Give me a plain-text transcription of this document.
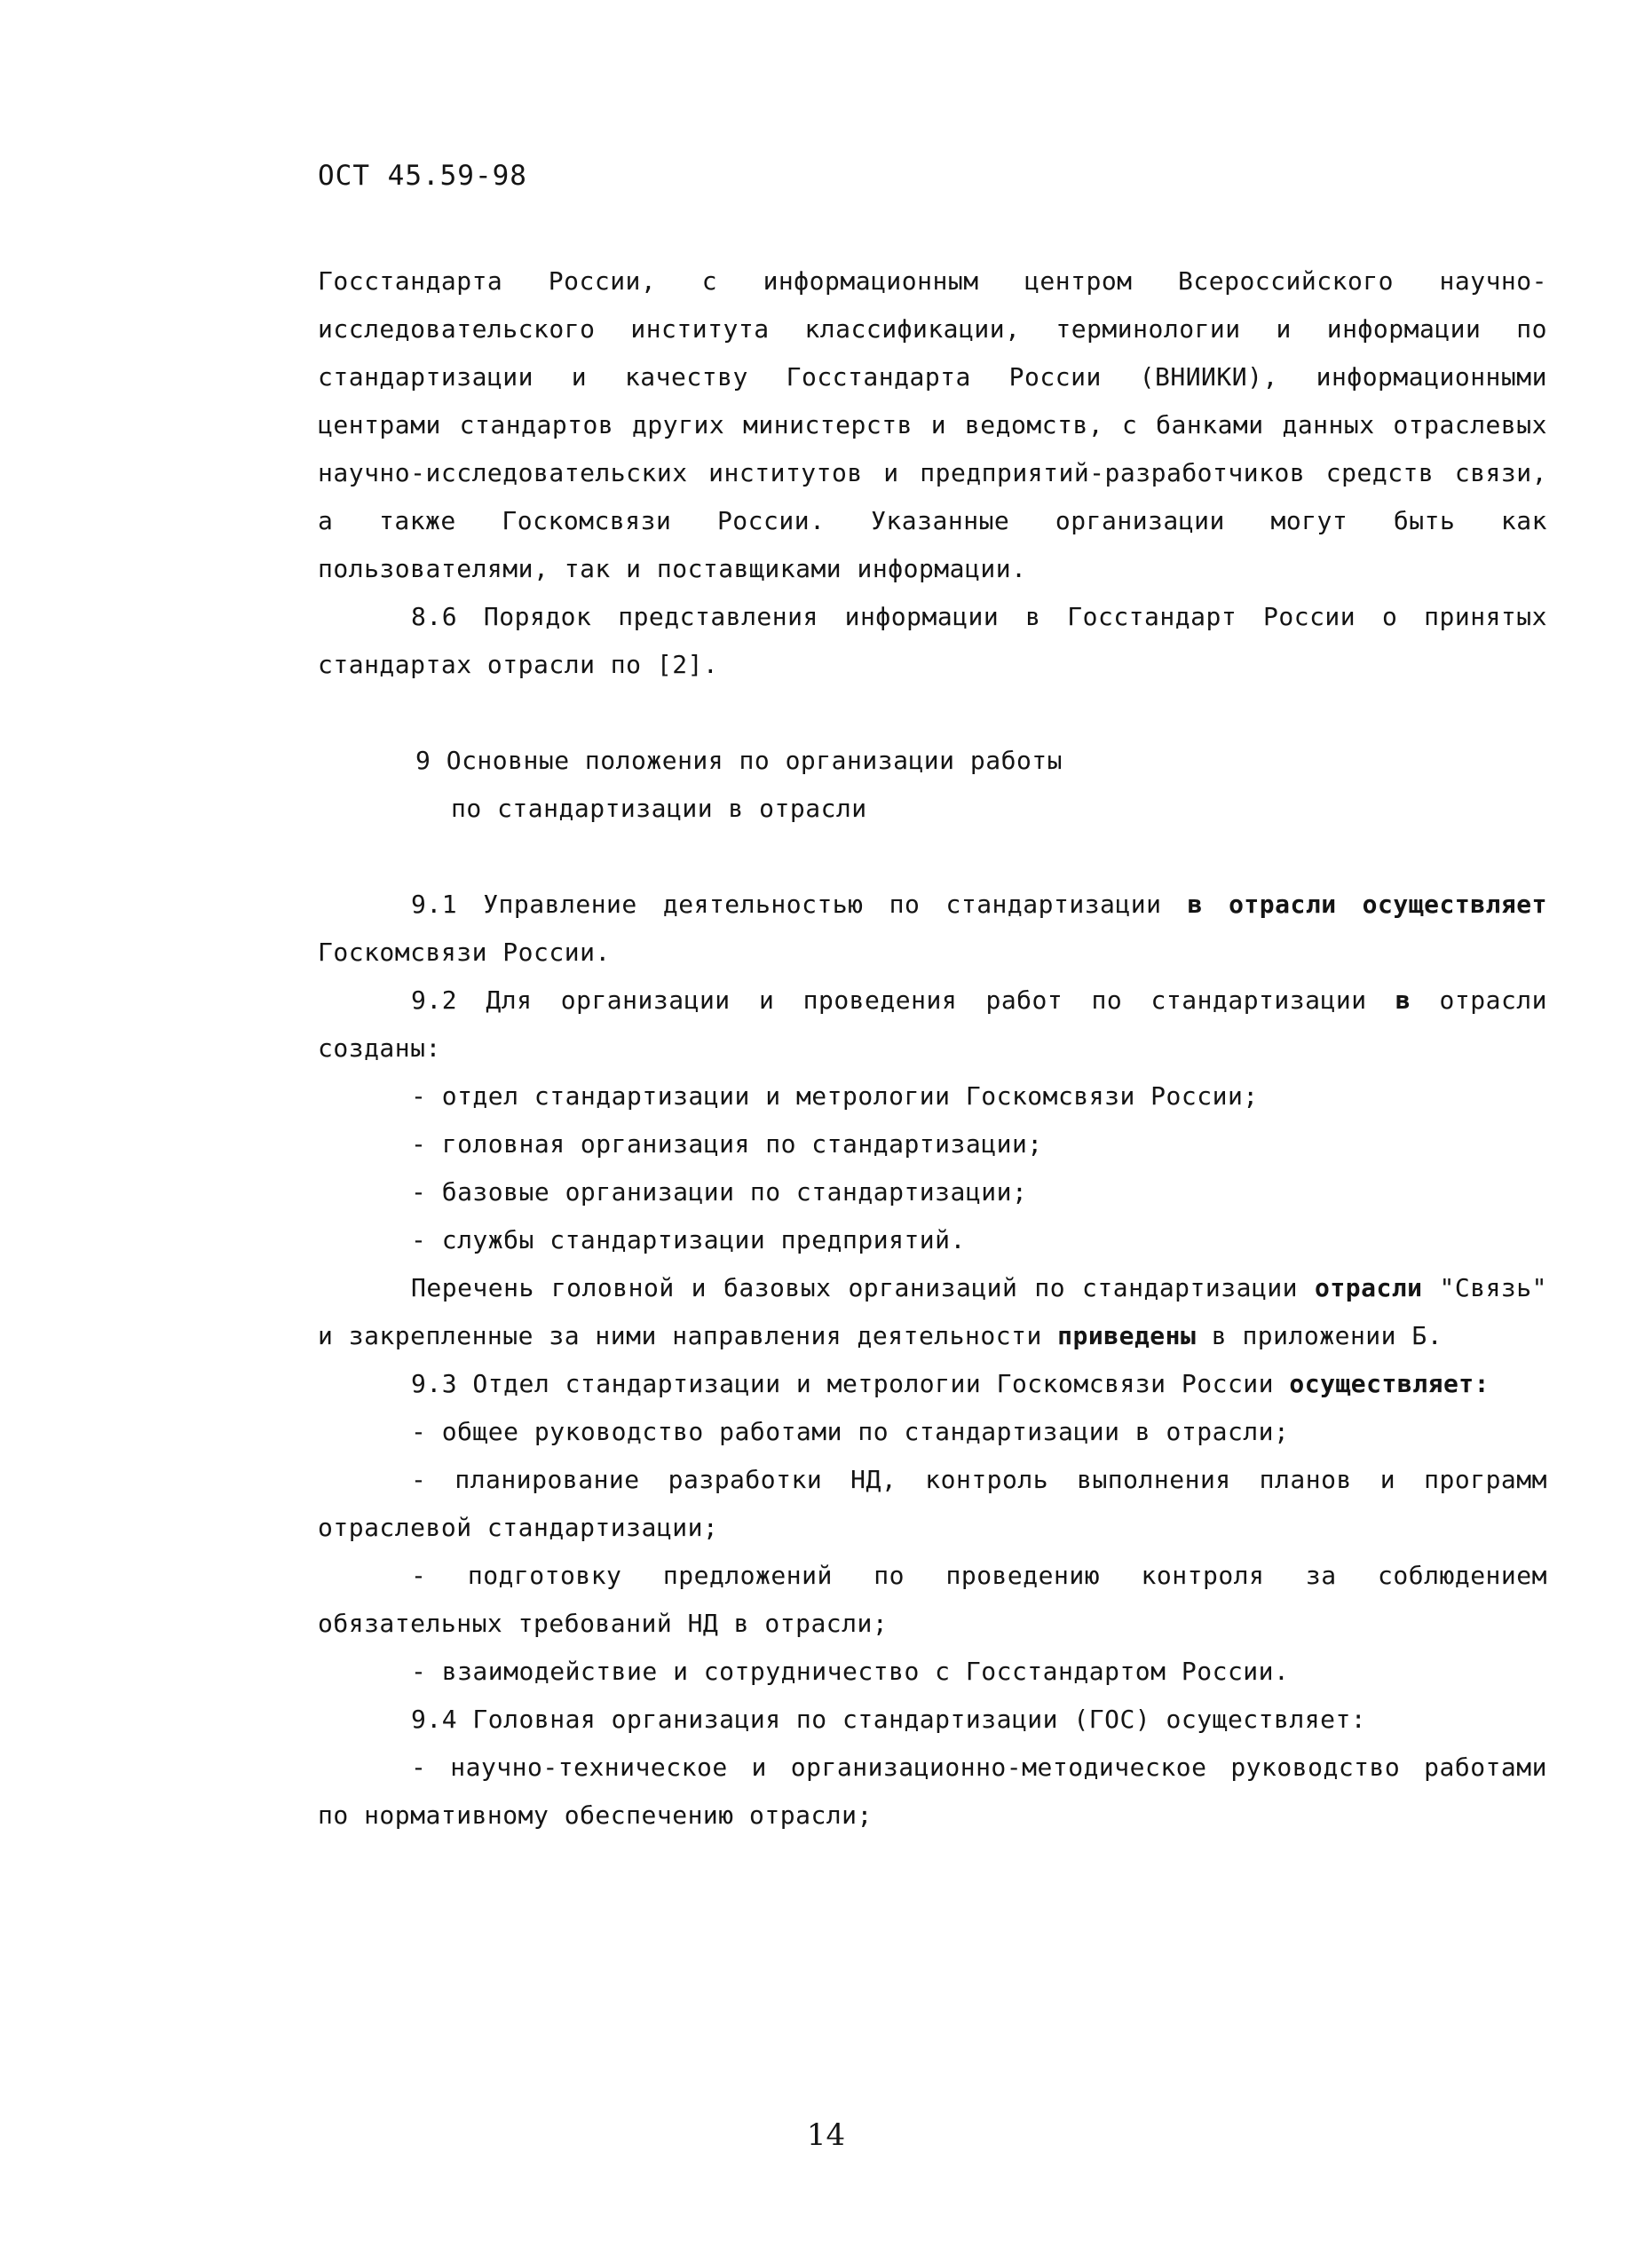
ОСТ 45.59-98

Госстандарта России, с информационным центром Всероссийского научно-исследовательского института классификации, терминологии и информации по стандартизации и качеству Госстандарта России (ВНИИКИ), информационными центрами стандартов других министерств и ведомств, с банками данных отраслевых научно-исследовательских институтов и предприятий-разработчиков средств связи, а также Госкомсвязи России. Указанные организации могут быть как пользователями, так и поставщиками информации.

8.6 Порядок представления информации в Госстандарт России о принятых стандартах отрасли по [2].

9 Основные положения по организации работы
по стандартизации в отрасли

9.1 Управление деятельностью по стандартизации в отрасли осуществляет Госкомсвязи России.

9.2 Для организации и проведения работ по стандартизации в отрасли созданы:

- отдел стандартизации и метрологии Госкомсвязи России;

- головная организация по стандартизации;

- базовые организации по стандартизации;

- службы стандартизации предприятий.

Перечень головной и базовых организаций по стандартизации отрасли "Связь" и закрепленные за ними направления деятельности приведены в приложении Б.

9.3 Отдел стандартизации и метрологии Госкомсвязи России осуществляет:

- общее руководство работами по стандартизации в отрасли;

- планирование разработки НД, контроль выполнения планов и программ отраслевой стандартизации;

- подготовку предложений по проведению контроля за соблюдением обязательных требований НД в отрасли;

- взаимодействие и сотрудничество с Госстандартом России.

9.4 Головная организация по стандартизации (ГОС) осуществляет:

- научно-техническое и организационно-методическое руководство работами по нормативному обеспечению отрасли;

14
